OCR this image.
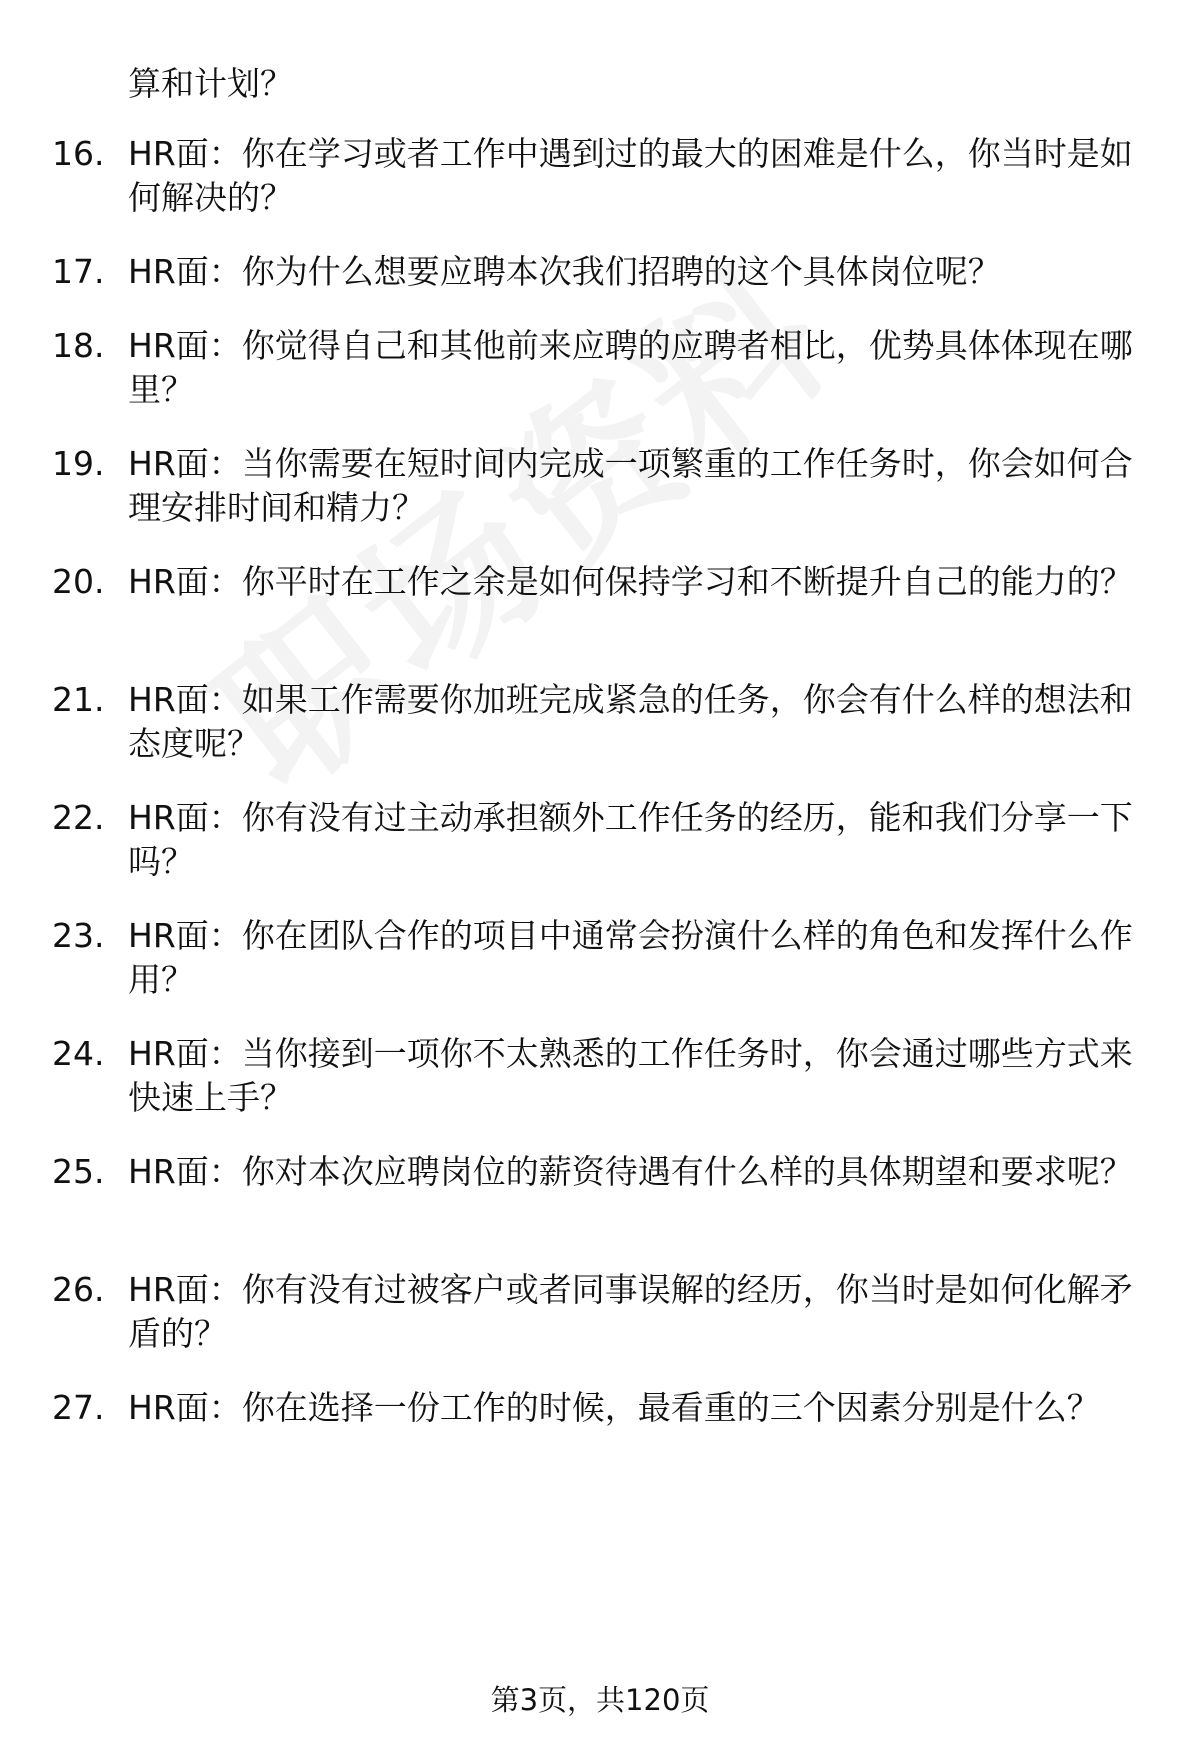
算和计划？
16. HR面：你在学习或者工作中遇到过的最大的困难是什么，你当时是如何解决的？
17. HR面：你为什么想要应聘本次我们招聘的这个具体岗位呢？
18. HR面：你觉得自己和其他前来应聘的应聘者相比，优势具体体现在哪里？
19. HR面：当你需要在短时间内完成一项繁重的工作任务时，你会如何合理安排时间和精力？
20. HR面：你平时在工作之余是如何保持学习和不断提升自己的能力的？
21. HR面：如果工作需要你加班完成紧急的任务，你会有什么样的想法和态度呢？
22. HR面：你有没有过主动承担额外工作任务的经历，能和我们分享一下吗？
23. HR面：你在团队合作的项目中通常会扮演什么样的角色和发挥什么作用？
24. HR面：当你接到一项你不太熟悉的工作任务时，你会通过哪些方式来快速上手？
25. HR面：你对本次应聘岗位的薪资待遇有什么样的具体期望和要求呢？
26. HR面：你有没有过被客户或者同事误解的经历，你当时是如何化解矛盾的？
27. HR面：你在选择一份工作的时候，最看重的三个因素分别是什么？
第3页，共120页
